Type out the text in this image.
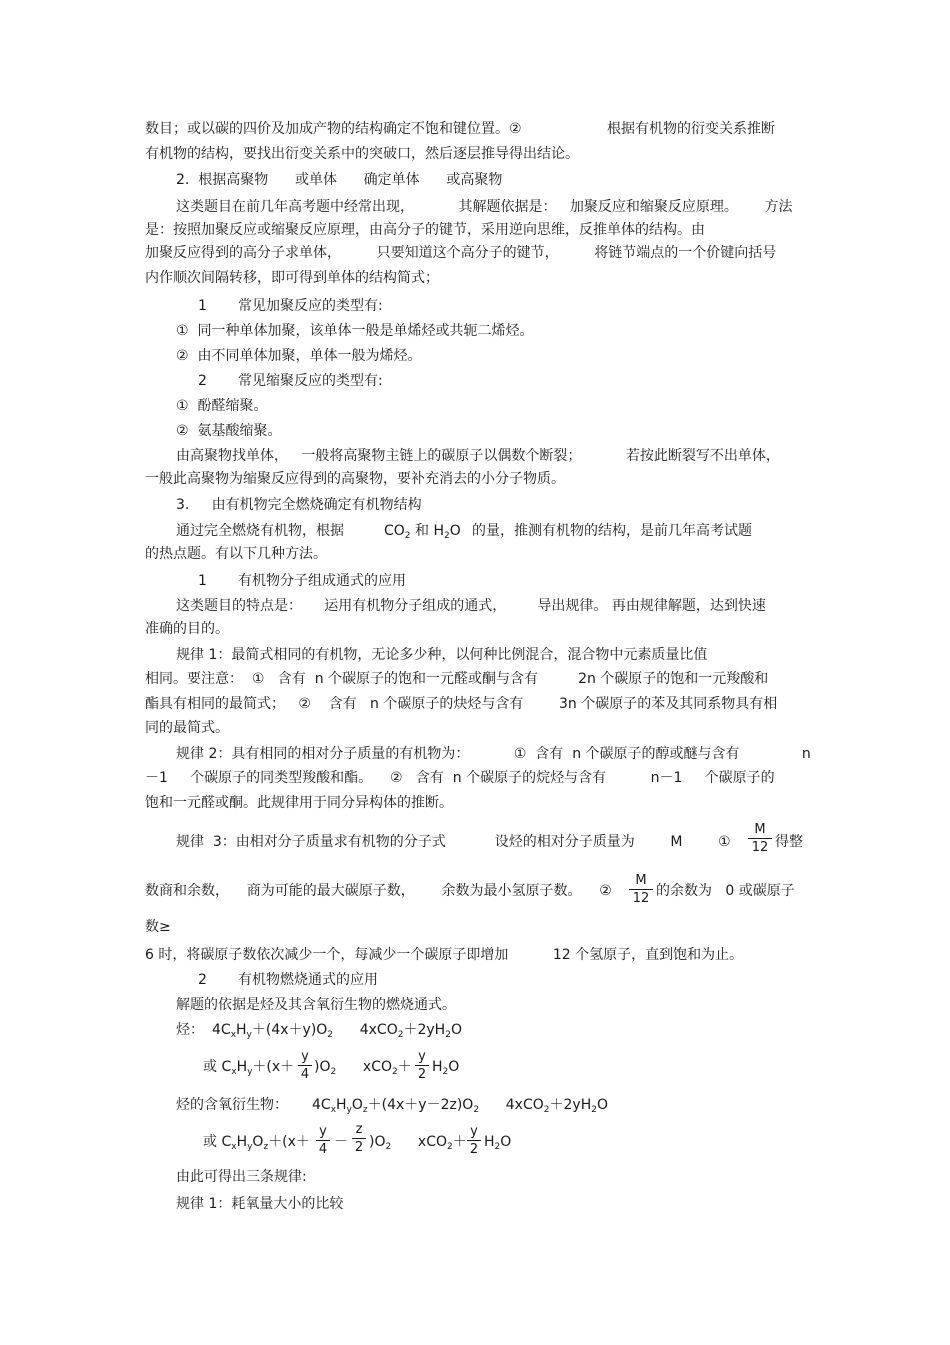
数目；或以碳的四价及加成产物的结构确定不饱和键位置。②	根据有机物的衍变关系推断
有机物的结构，要找出衍变关系中的突破口，然后逐层推导得出结论。
2.  根据高聚物      或单体      确定单体      或高聚物
这类题目在前几年高考题中经常出现，          其解题依据是：   加聚反应和缩聚反应原理。      方法
是：按照加聚反应或缩聚反应原理，由高分子的键节，采用逆向思维，反推单体的结构。由
加聚反应得到的高分子求单体，        只要知道这个高分子的键节，        将链节端点的一个价键向括号
内作顺次间隔转移，即可得到单体的结构简式；
1       常见加聚反应的类型有:
①  同一种单体加聚，该单体一般是单烯烃或共轭二烯烃。
②  由不同单体加聚，单体一般为烯烃。
2       常见缩聚反应的类型有:
①  酚醛缩聚。
②  氨基酸缩聚。
由高聚物找单体，   一般将高聚物主链上的碳原子以偶数个断裂；          若按此断裂写不出单体，
一般此高聚物为缩聚反应得到的高聚物，要补充消去的小分子物质。
3.     由有机物完全燃烧确定有机物结构
通过完全燃烧有机物，根据	$CO_2$ 和 $H_2O$ 的量，推测有机物的结构，是前几年高考试题
的热点题。有以下几种方法。
1       有机物分子组成通式的应用
这类题目的特点是：     运用有机物分子组成的通式，       导出规律。 再由规律解题，达到快速
准确的目的。
规律 1：最简式相同的有机物，无论多少种，以何种比例混合，混合物中元素质量比值
相同。要注意：  ①   含有  n 个碳原子的饱和一元醛或酮与含有         2n 个碳原子的饱和一元羧酸和
酯具有相同的最简式；   ②    含有   n 个碳原子的炔烃与含有        3n 个碳原子的苯及其同系物具有相
同的最简式。
规律 2：具有相同的相对分子质量的有机物为：          ①  含有  n 个碳原子的醇或醚与含有              n
－1     个碳原子的同类型羧酸和酯。    ②   含有  n 个碳原子的烷烃与含有          n－1     个碳原子的
饱和一元醛或酮。此规律用于同分异构体的推断。
规律  3：由相对分子质量求有机物的分子式           设烃的相对分子质量为        M        ①
M
12 得整
数商和余数，    商为可能的最大碳原子数，      余数为最小氢原子数。    ②
M
12 的余数为   0 或碳原子
数≥
6 时，将碳原子数依次减少一个，每减少一个碳原子即增加          12 个氢原子，直到饱和为止。
2       有机物燃烧通式的应用
解题的依据是烃及其含氧衍生物的燃烧通式。
烃： $4C_xH_y+(4x+y)O_2$      $4xCO_2+2yH_2O$
或 $C_xH_y+(x+$
y
4 )$O_2$      xCO$_2$＋
y
2 $H_2O$
烃的含氧衍生物： $4C_xH_yO_z+(4x+y-2z)O_2$      $4xCO_2+2yH_2O$
或 $C_xH_yO_z+(x+$
y
4 －
z
2 )$O_2$      xCO$_2$＋
y
2 $H_2O$
由此可得出三条规律:
规律 1：耗氧量大小的比较
